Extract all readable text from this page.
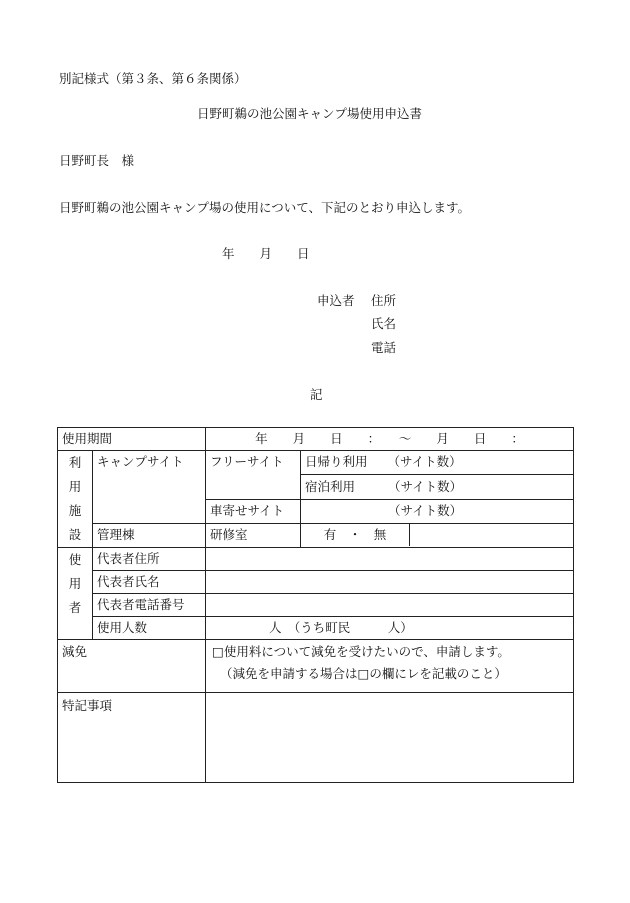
別記様式（第３条、第６条関係）
日野町鵜の池公園キャンプ場使用申込書
日野町長　様
日野町鵜の池公園キャンプ場の使用について、下記のとおり申込します。
年　　月　　日
申込者 住所
氏名
電話
記
使用期間		年　　月　　日　　：　　～　　月　　日　　：	

利
用
施
設	キャンプサイト	フリーサイト	日帰り利用 （サイト数）
			宿泊利用 （サイト数）
		車寄せサイト	（サイト数）
	管理棟	研修室	有　・　無

使
用
者	代表者住所		
	代表者氏名		
	代表者電話番号		
	使用人数	人　（うち町民　　　人）	
減免		□使用料について減免を受けたいので、申請します。
（減免を申請する場合は□の欄にレを記載のこと）	

特記事項			
